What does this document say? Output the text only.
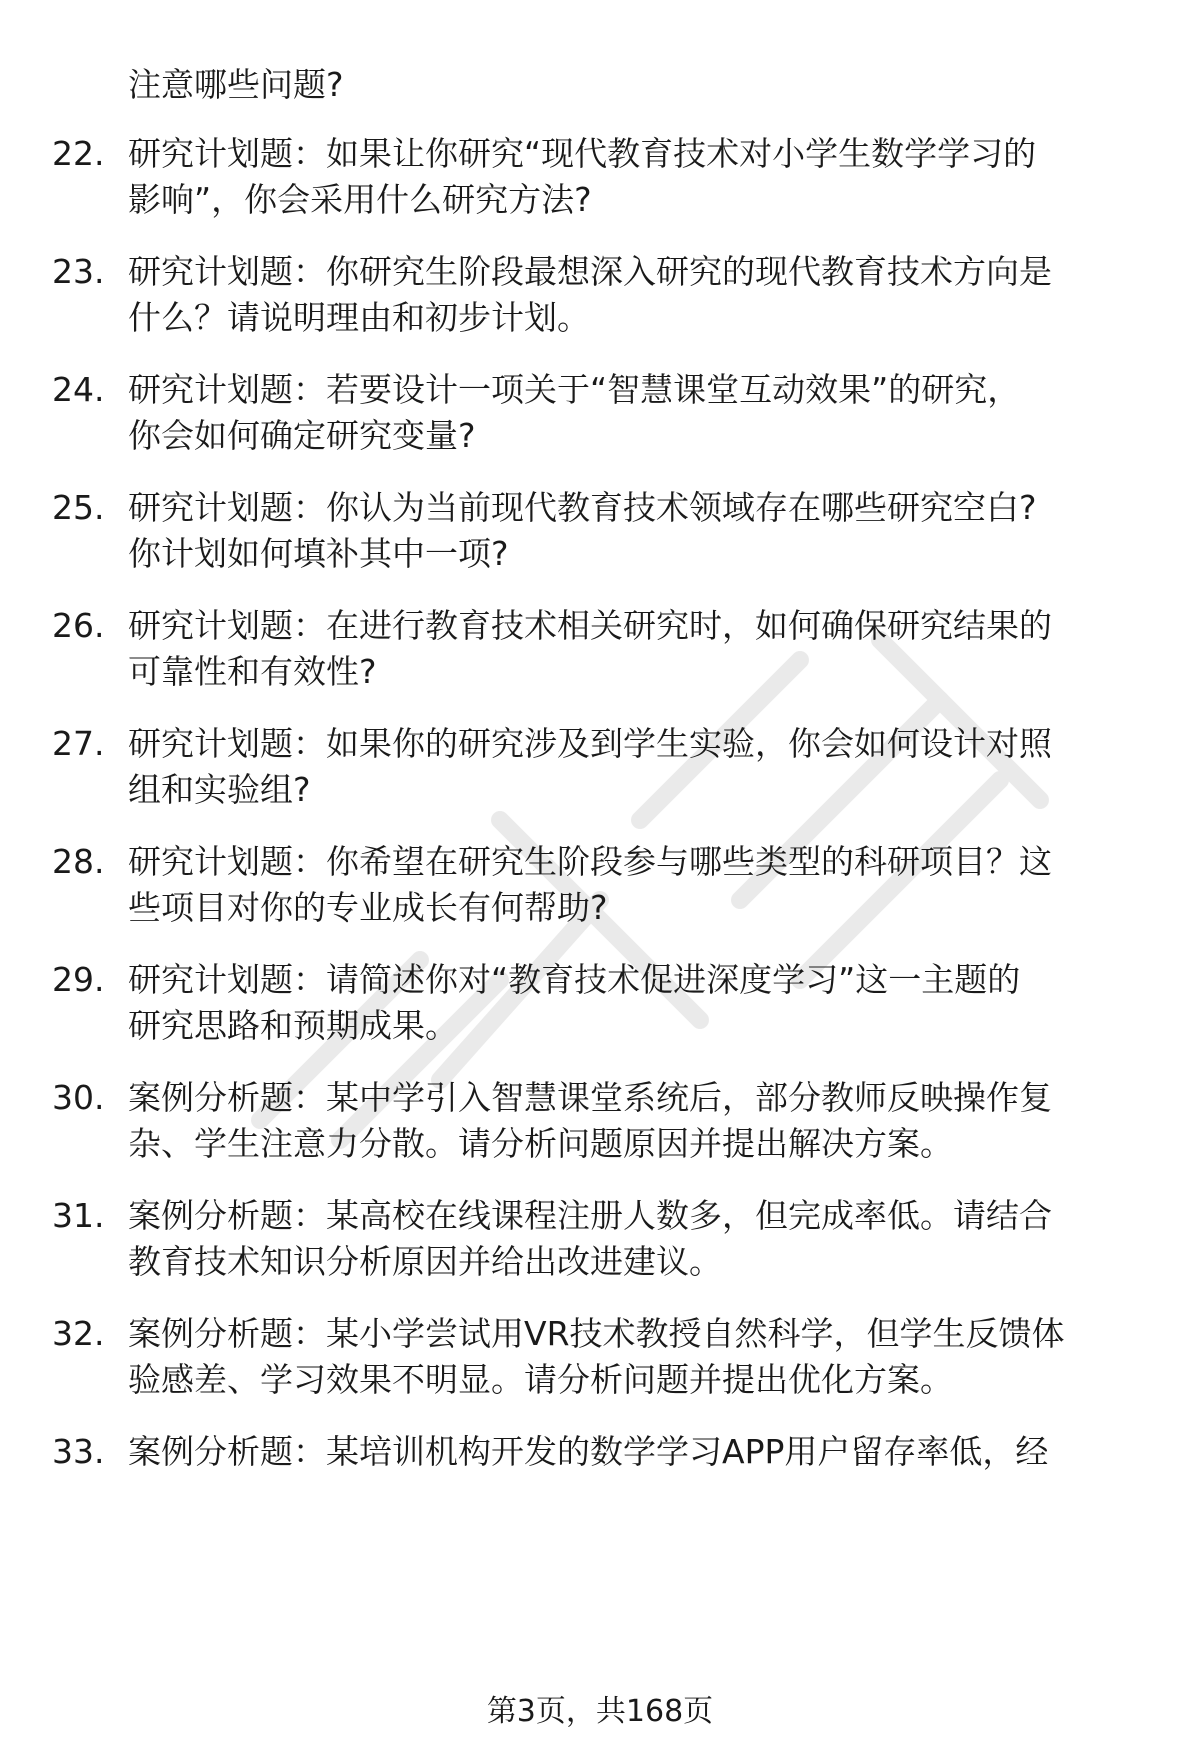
注意哪些问题?
22. 研究计划题：如果让你研究“现代教育技术对小学生数学学习的
影响”，你会采用什么研究方法?
23. 研究计划题：你研究生阶段最想深入研究的现代教育技术方向是
什么？请说明理由和初步计划。
24. 研究计划题：若要设计一项关于“智慧课堂互动效果”的研究，
你会如何确定研究变量?
25. 研究计划题：你认为当前现代教育技术领域存在哪些研究空白?
你计划如何填补其中一项?
26. 研究计划题：在进行教育技术相关研究时，如何确保研究结果的
可靠性和有效性?
27. 研究计划题：如果你的研究涉及到学生实验，你会如何设计对照
组和实验组?
28. 研究计划题：你希望在研究生阶段参与哪些类型的科研项目？这
些项目对你的专业成长有何帮助?
29. 研究计划题：请简述你对“教育技术促进深度学习”这一主题的
研究思路和预期成果。
30. 案例分析题：某中学引入智慧课堂系统后，部分教师反映操作复
杂、学生注意力分散。请分析问题原因并提出解决方案。
31. 案例分析题：某高校在线课程注册人数多，但完成率低。请结合
教育技术知识分析原因并给出改进建议。
32. 案例分析题：某小学尝试用VR技术教授自然科学，但学生反馈体
验感差、学习效果不明显。请分析问题并提出优化方案。
33. 案例分析题：某培训机构开发的数学学习APP用户留存率低，经
第3页，共168页
